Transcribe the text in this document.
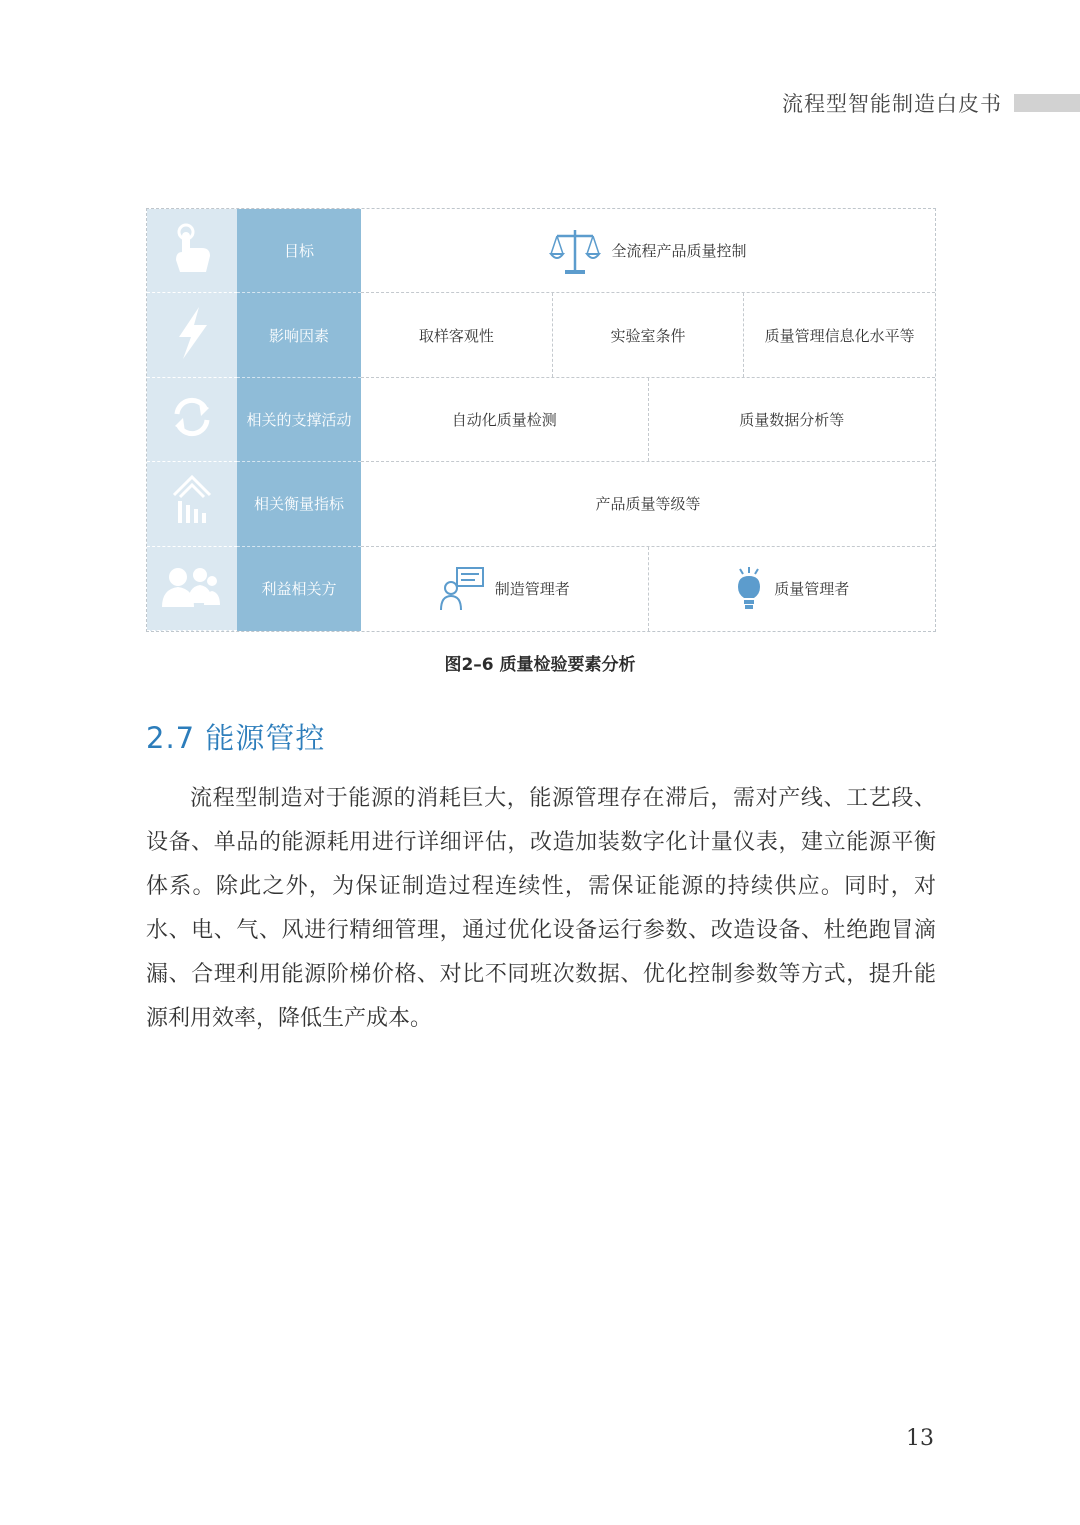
流程型智能制造白皮书
目标	全流程产品质量控制
影响因素	取样客观性	实验室条件	质量管理信息化水平等
相关的支撑活动	自动化质量检测	质量数据分析等
相关衡量指标	产品质量等级等
利益相关方	制造管理者	质量管理者
图2–6 质量检验要素分析
2.7 能源管控

流程型制造对于能源的消耗巨大，能源管理存在滞后，需对产线、工艺段、设备、单品的能源耗用进行详细评估，改造加装数字化计量仪表，建立能源平衡体系。除此之外，为保证制造过程连续性，需保证能源的持续供应。同时，对水、电、气、风进行精细管理，通过优化设备运行参数、改造设备、杜绝跑冒滴漏、合理利用能源阶梯价格、对比不同班次数据、优化控制参数等方式，提升能源利用效率，降低生产成本。

13
